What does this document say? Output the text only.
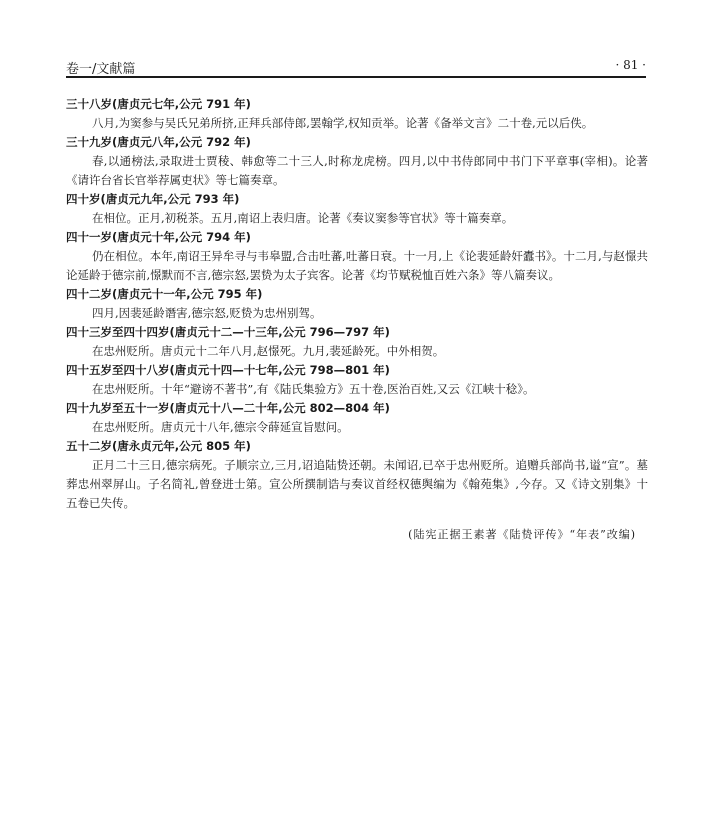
卷一/文献篇	· 81 ·
三十八岁(唐贞元七年,公元 791 年)
八月,为窦参与吴氏兄弟所挤,正拜兵部侍郎,罢翰学,权知贡举。论著《备举文言》二十卷,元以后佚。
三十九岁(唐贞元八年,公元 792 年)
春,以通榜法,录取进士贾稜、韩愈等二十三人,时称龙虎榜。四月,以中书侍郎同中书门下平章事(宰相)。论著《请许台省长官举荐属吏状》等七篇奏章。
四十岁(唐贞元九年,公元 793 年)
在相位。正月,初税茶。五月,南诏上表归唐。论著《奏议窦参等官状》等十篇奏章。
四十一岁(唐贞元十年,公元 794 年)
仍在相位。本年,南诏王异牟寻与韦皋盟,合击吐蕃,吐蕃日衰。十一月,上《论裴延龄奸蠹书》。十二月,与赵憬共论延龄于德宗前,憬默而不言,德宗怒,罢贽为太子宾客。论著《均节赋税恤百姓六条》等八篇奏议。
四十二岁(唐贞元十一年,公元 795 年)
四月,因裴延龄谮害,德宗怒,贬贽为忠州别驾。
四十三岁至四十四岁(唐贞元十二—十三年,公元 796—797 年)
在忠州贬所。唐贞元十二年八月,赵憬死。九月,裴延龄死。中外相贺。
四十五岁至四十八岁(唐贞元十四—十七年,公元 798—801 年)
在忠州贬所。十年“避谤不著书”,有《陆氏集验方》五十卷,医治百姓,又云《江峡十稔》。
四十九岁至五十一岁(唐贞元十八—二十年,公元 802—804 年)
在忠州贬所。唐贞元十八年,德宗令薛延宣旨慰问。
五十二岁(唐永贞元年,公元 805 年)
正月二十三日,德宗病死。子顺宗立,三月,诏追陆贽还朝。未闻诏,已卒于忠州贬所。追赠兵部尚书,谥“宣”。墓葬忠州翠屏山。子名简礼,曾登进士第。宣公所撰制诰与奏议首经权德舆编为《翰苑集》,今存。又《诗文别集》十五卷已失传。
(陆宪正据王素著《陆贽评传》“年表”改编)
